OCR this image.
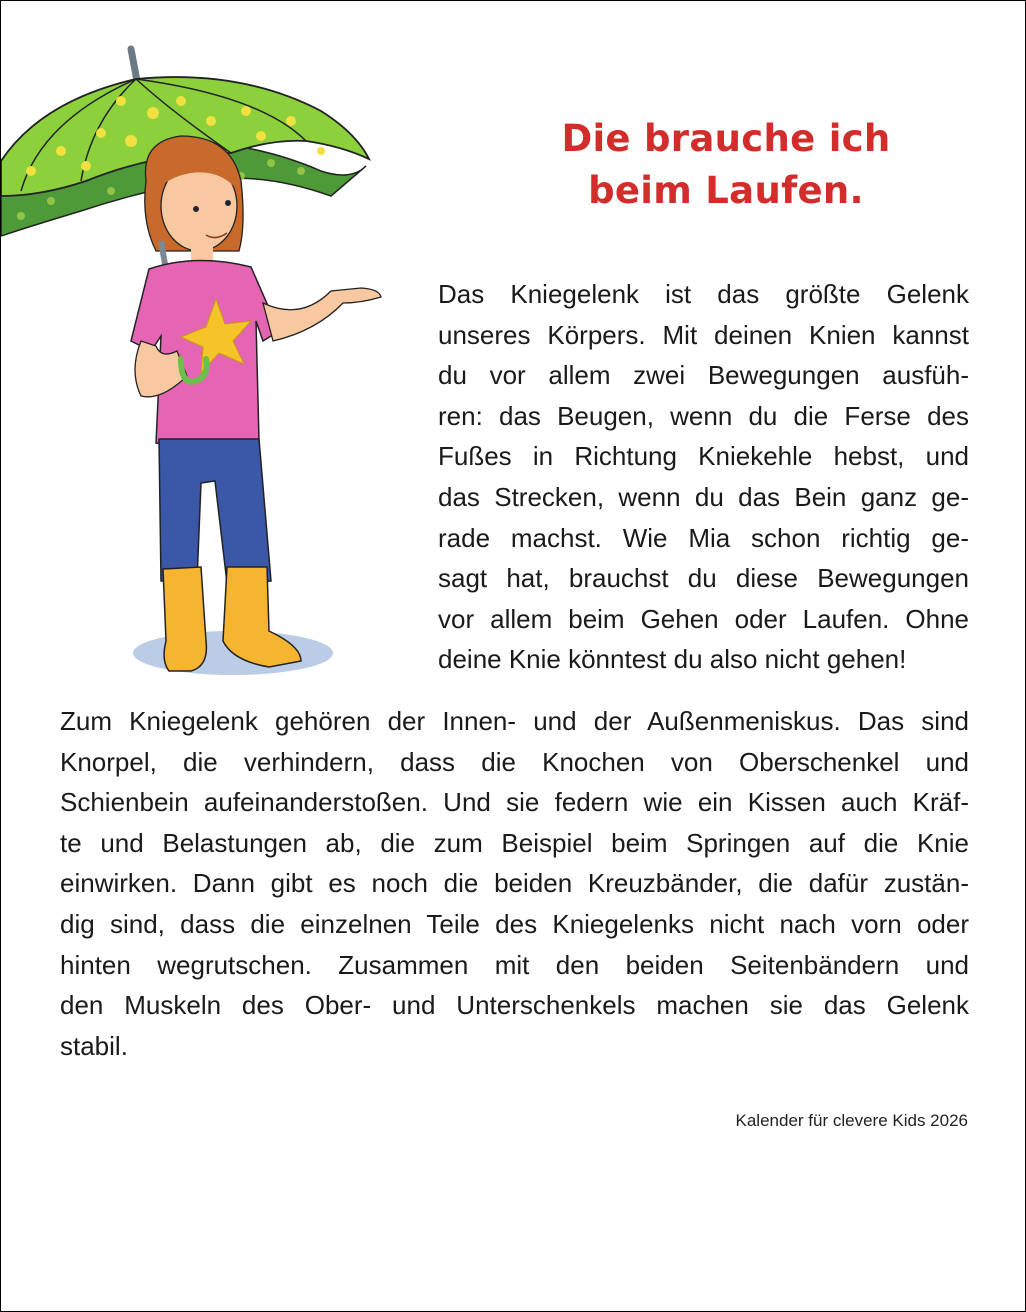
Die brauche ich
beim Laufen.
Das Kniegelenk ist das größte Gelenk
unseres Körpers. Mit deinen Knien kannst
du vor allem zwei Bewegungen ausfüh-
ren: das Beugen, wenn du die Ferse des
Fußes in Richtung Kniekehle hebst, und
das Strecken, wenn du das Bein ganz ge-
rade machst. Wie Mia schon richtig ge-
sagt hat, brauchst du diese Bewegungen
vor allem beim Gehen oder Laufen. Ohne
deine Knie könntest du also nicht gehen!
Zum Kniegelenk gehören der Innen- und der Außenmeniskus. Das sind
Knorpel, die verhindern, dass die Knochen von Oberschenkel und
Schienbein aufeinanderstoßen. Und sie federn wie ein Kissen auch Kräf-
te und Belastungen ab, die zum Beispiel beim Springen auf die Knie
einwirken. Dann gibt es noch die beiden Kreuzbänder, die dafür zustän-
dig sind, dass die einzelnen Teile des Kniegelenks nicht nach vorn oder
hinten wegrutschen. Zusammen mit den beiden Seitenbändern und
den Muskeln des Ober- und Unterschenkels machen sie das Gelenk
stabil.
Kalender für clevere Kids 2026
